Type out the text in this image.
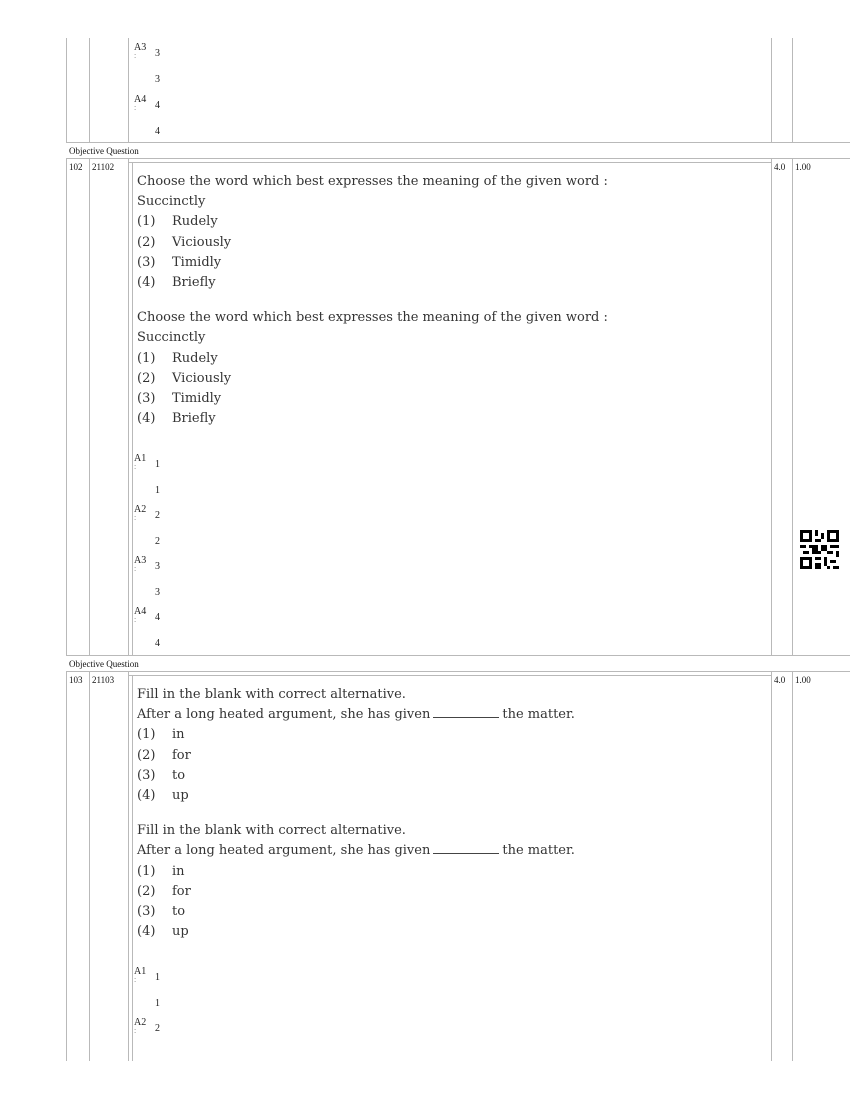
A3
: 3
3
A4
: 4
4
Objective Question
102 21102	4.0 1.00
Choose the word which best expresses the meaning of the given word :
Succinctly
(1) Rudely
(2) Viciously
(3) Timidly
(4) Briefly
Choose the word which best expresses the meaning of the given word :
Succinctly
(1) Rudely
(2) Viciously
(3) Timidly
(4) Briefly
A1
: 1
1
A2
: 2
2
A3
: 3
3
A4
: 4
4
Objective Question
103 21103	4.0 1.00
Fill in the blank with correct alternative.
After a long heated argument, she has given	the matter.
(1) in
(2) for
(3) to
(4) up
Fill in the blank with correct alternative.
After a long heated argument, she has given	the matter.
(1) in
(2) for
(3) to
(4) up
A1
: 1
1
A2
: 2
